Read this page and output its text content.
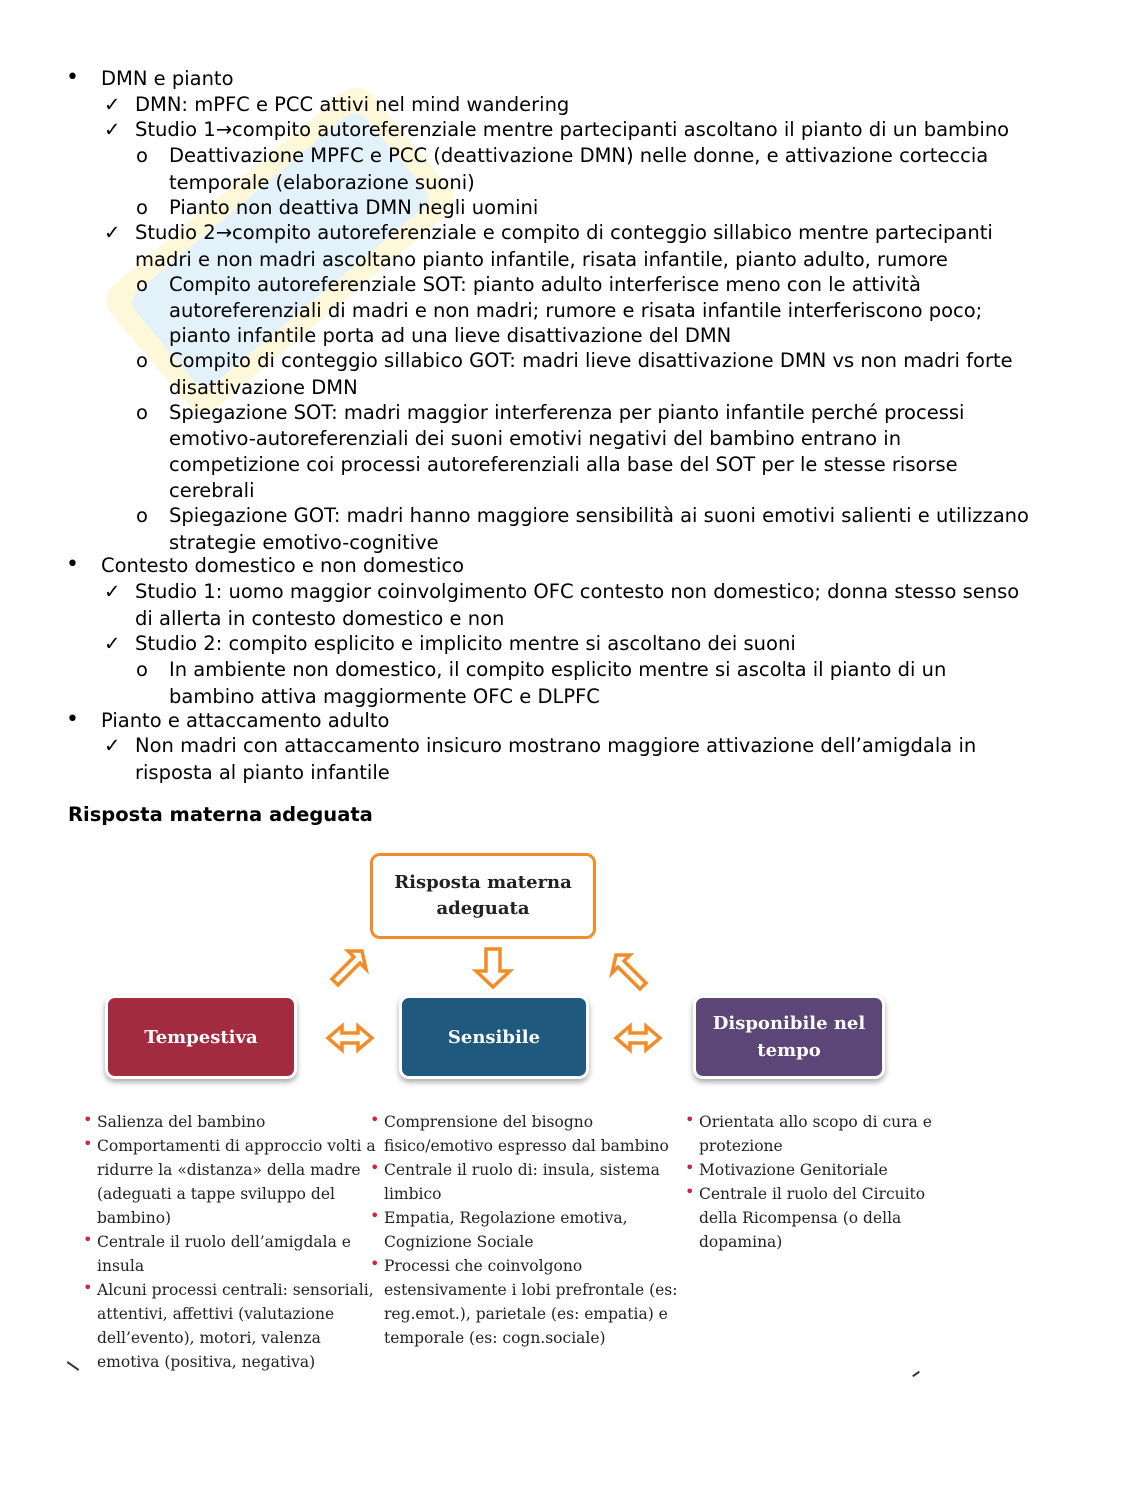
• DMN e pianto
✓ DMN: mPFC e PCC attivi nel mind wandering
✓ Studio 1→compito autoreferenziale mentre partecipanti ascoltano il pianto di un bambino
o Deattivazione MPFC e PCC (deattivazione DMN) nelle donne, e attivazione corteccia
temporale (elaborazione suoni)
o Pianto non deattiva DMN negli uomini
✓ Studio 2→compito autoreferenziale e compito di conteggio sillabico mentre partecipanti
madri e non madri ascoltano pianto infantile, risata infantile, pianto adulto, rumore
o Compito autoreferenziale SOT: pianto adulto interferisce meno con le attività
autoreferenziali di madri e non madri; rumore e risata infantile interferiscono poco;
pianto infantile porta ad una lieve disattivazione del DMN
o Compito di conteggio sillabico GOT: madri lieve disattivazione DMN vs non madri forte
disattivazione DMN
o Spiegazione SOT: madri maggior interferenza per pianto infantile perché processi
emotivo-autoreferenziali dei suoni emotivi negativi del bambino entrano in
competizione coi processi autoreferenziali alla base del SOT per le stesse risorse
cerebrali
o Spiegazione GOT: madri hanno maggiore sensibilità ai suoni emotivi salienti e utilizzano
strategie emotivo-cognitive
• Contesto domestico e non domestico
✓ Studio 1: uomo maggior coinvolgimento OFC contesto non domestico; donna stesso senso
di allerta in contesto domestico e non
✓ Studio 2: compito esplicito e implicito mentre si ascoltano dei suoni
o In ambiente non domestico, il compito esplicito mentre si ascolta il pianto di un
bambino attiva maggiormente OFC e DLPFC
• Pianto e attaccamento adulto
✓ Non madri con attaccamento insicuro mostrano maggiore attivazione dell’amigdala in
risposta al pianto infantile
Risposta materna adeguata
Risposta materna
adeguata
Tempestiva	Sensibile
Disponibile nel
tempo
• Salienza del bambino
• Comportamenti di approccio volti a
ridurre la «distanza» della madre
(adeguati a tappe sviluppo del
bambino)
• Centrale il ruolo dell’amigdala e
insula
• Alcuni processi centrali: sensoriali,
attentivi, affettivi (valutazione
dell’evento), motori, valenza
emotiva (positiva, negativa)
• Comprensione del bisogno
fisico/emotivo espresso dal bambino
• Centrale il ruolo di: insula, sistema
limbico
• Empatia, Regolazione emotiva,
Cognizione Sociale
• Processi che coinvolgono
estensivamente i lobi prefrontale (es:
reg.emot.), parietale (es: empatia) e
temporale (es: cogn.sociale)
• Orientata allo scopo di cura e
protezione
• Motivazione Genitoriale
• Centrale il ruolo del Circuito
della Ricompensa (o della
dopamina)
